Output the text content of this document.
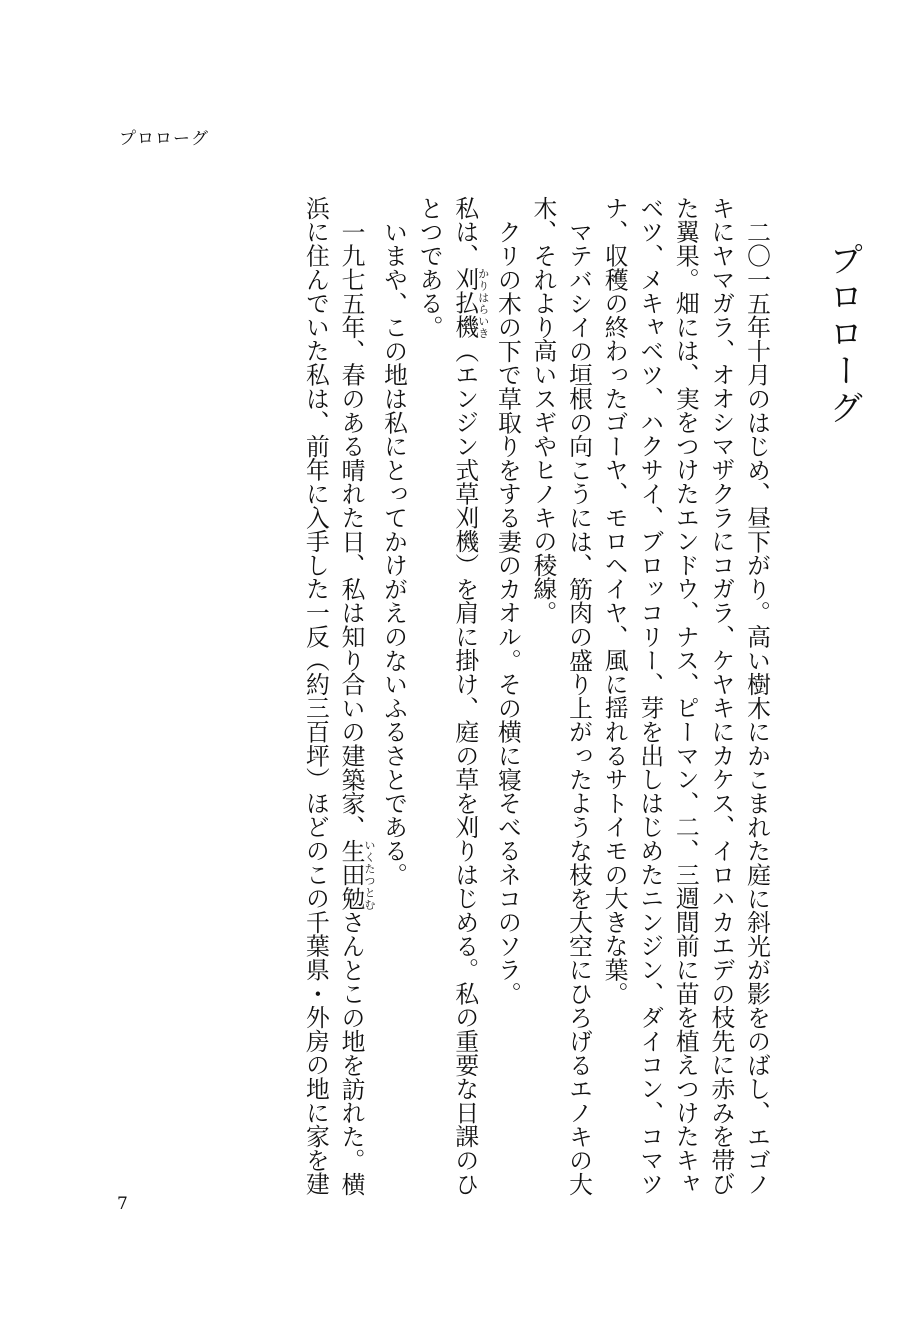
プロローグ
プロローグ

二〇一五年十月のはじめ、昼下がり。高い樹木にかこまれた庭に斜光が影をのばし、エゴノキにヤマガラ、オオシマザクラにコガラ、ケヤキにカケス、イロハカエデの枝先に赤みを帯びた翼果。畑には、実をつけたエンドウ、ナス、ピーマン、二、三週間前に苗を植えつけたキャベツ、メキャベツ、ハクサイ、ブロッコリー、芽を出しはじめたニンジン、ダイコン、コマツナ、収穫の終わったゴーヤ、モロヘイヤ、風に揺れるサトイモの大きな葉。

マテバシイの垣根の向こうには、筋肉の盛り上がったような枝を大空にひろげるエノキの大木、それより高いスギやヒノキの稜線。

クリの木の下で草取りをする妻のカオル。その横に寝そべるネコのソラ。

私は、刈払機かりはらいき（エンジン式草刈機）を肩に掛け、庭の草を刈りはじめる。私の重要な日課のひとつである。

いまや、この地は私にとってかけがえのないふるさとである。

一九七五年、春のある晴れた日、私は知り合いの建築家、生田勉いくたつとむさんとこの地を訪れた。横浜に住んでいた私は、前年に入手した一反（約三百坪）ほどのこの千葉県・外房の地に家を建

7
